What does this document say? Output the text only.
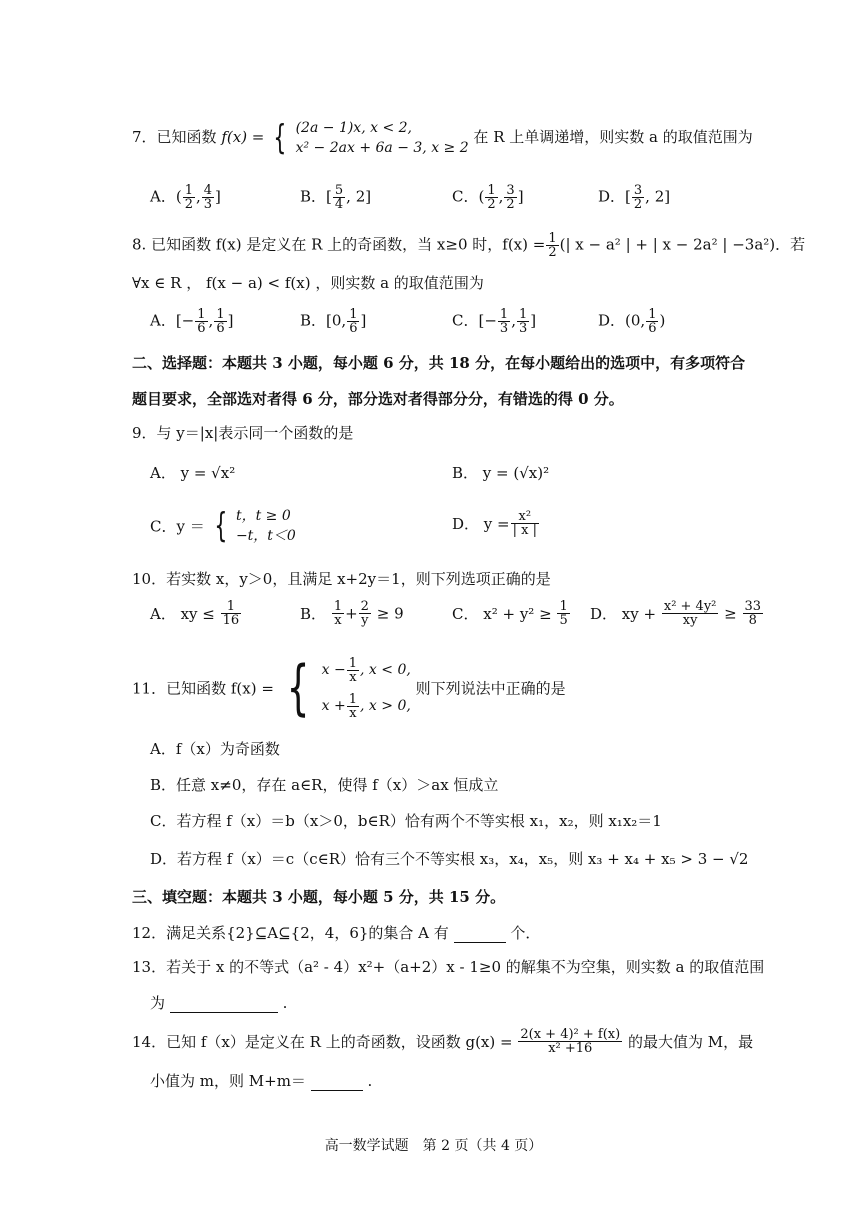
7．已知函数 f(x) = { (2a − 1)x, x < 2,
x² − 2ax + 6a − 3, x ≥ 2 在 R 上单调递增，则实数 a 的取值范围为
A．( $\frac{1}{2}$ , $\frac{4}{3}$ ]	B．[ $\frac{5}{4}$ , 2]	C．( $\frac{1}{2}$ , $\frac{3}{2}$ ]	D．[ $\frac{3}{2}$ , 2]
8. 已知函数 f(x) 是定义在 R 上的奇函数，当 x≥0 时，$f(x) = \frac{1}{2}$ (| x − a² | + | x − 2a² | −3a²)．若
∀x ∈ R ， f(x − a) < f(x) ，则实数 a 的取值范围为
A．[− $\frac{1}{6}$ , $\frac{1}{6}$ ]	B．[0, $\frac{1}{6}$ ]	C．[− $\frac{1}{3}$ , $\frac{1}{3}$ ]	D．(0, $\frac{1}{6}$ )
二、选择题：本题共 3 小题，每小题 6 分，共 18 分，在每小题给出的选项中，有多项符合
题目要求，全部选对者得 6 分，部分选对者得部分分，有错选的得 0 分。
9．与 y＝|x|表示同一个函数的是
A． y = √x²	B． y = (√x)²
C．y ＝ { t，t ≥ 0
−t，t＜0
D． $y = \frac{\text{x²}}{| x |}$
10．若实数 x，y＞0，且满足 x+2y＝1，则下列选项正确的是
A． xy ≤ $\frac{1}{16}$	B． $\frac{1}{x} + \frac{2}{y} \ge 9$	C． $x^2 + y^2 \ge \frac{1}{5}$ D． xy + $\frac{\text{x² + 4y²}}{xy} \ge \frac{33}{8}$
11．已知函数 f(x) = { $x - \frac{1}{x}$ , x < 0,
$x + \frac{1}{x}$ , x > 0, 则下列说法中正确的是
A．f（x）为奇函数
B．任意 x≠0，存在 a∈R，使得 f（x）＞ax 恒成立
C．若方程 f（x）＝b（x＞0，b∈R）恰有两个不等实根 x₁，x₂，则 x₁x₂＝1
D．若方程 f（x）＝c（c∈R）恰有三个不等实根 x₃，x₄，x₅，则 x₃ + x₄ + x₅ > 3 − √2
三、填空题：本题共 3 小题，每小题 5 分，共 15 分。
12．满足关系{2}⊆A⊆{2，4，6}的集合 A 有	个．
13．若关于 x 的不等式（a² - 4）x²+（a+2）x - 1≥0 的解集不为空集，则实数 a 的取值范围
为	.
14．已知 f（x）是定义在 R 上的奇函数，设函数 $g(x) = \frac{\text{2(x + 4)² + f(x)}}{\text{x² +16}}$ 的最大值为 M，最
小值为 m，则 M+m＝	.
高一数学试题　第 2 页（共 4 页）
